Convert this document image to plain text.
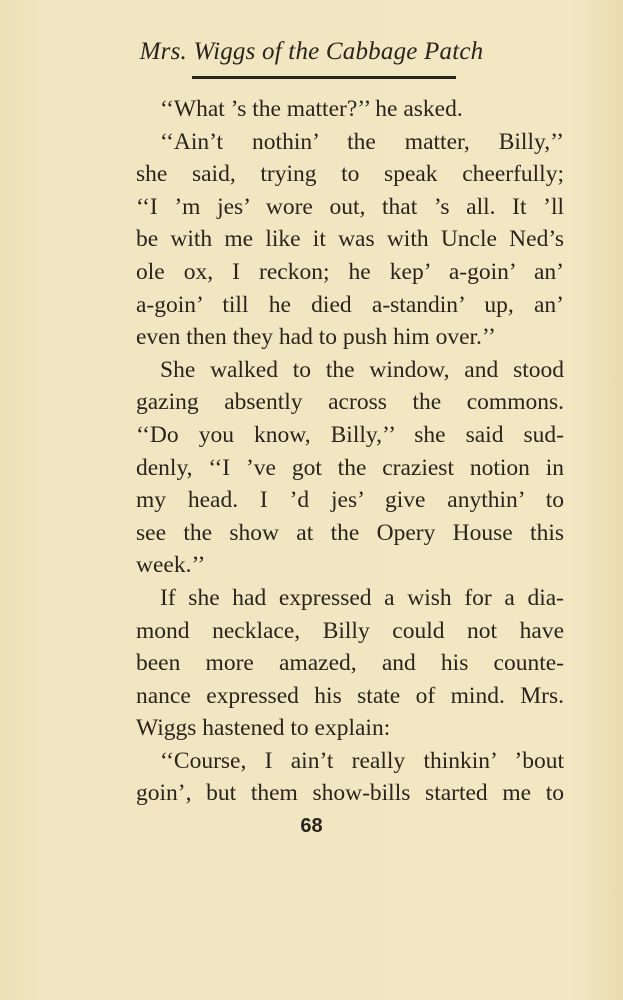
Mrs. Wiggs of the Cabbage Patch
‘‘What ’s the matter?’’ he asked.
‘‘Ain’t nothin’ the matter, Billy,’’
she said, trying to speak cheerfully;
‘‘I ’m jes’ wore out, that ’s all. It ’ll
be with me like it was with Uncle Ned’s
ole ox, I reckon; he kep’ a-goin’ an’
a-goin’ till he died a-standin’ up, an’
even then they had to push him over.’’
She walked to the window, and stood
gazing absently across the commons.
‘‘Do you know, Billy,’’ she said sud-
denly, ‘‘I ’ve got the craziest notion in
my head. I ’d jes’ give anythin’ to
see the show at the Opery House this
week.’’
If she had expressed a wish for a dia-
mond necklace, Billy could not have
been more amazed, and his counte-
nance expressed his state of mind. Mrs.
Wiggs hastened to explain:
‘‘Course, I ain’t really thinkin’ ’bout
goin’, but them show-bills started me to
68
